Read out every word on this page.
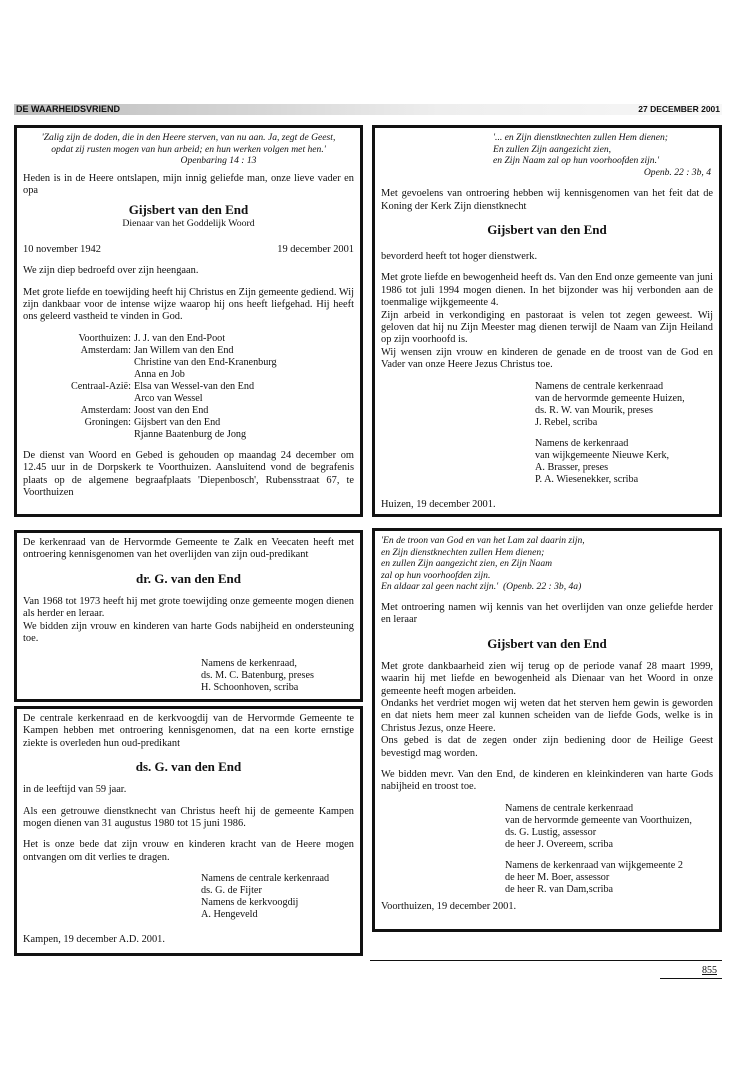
DE WAARHEIDSVRIEND	27 DECEMBER 2001

'Zalig zijn de doden, die in den Heere sterven, van nu aan. Ja, zegt de Geest,

opdat zij rusten mogen van hun arbeid; en hun werken volgen met hen.'

Openbaring 14 : 13

Heden is in de Heere ontslapen, mijn innig geliefde man, onze lieve vader en opa

Gijsbert van den End

Dienaar van het Goddelijk Woord

10 november 1942	19 december 2001

We zijn diep bedroefd over zijn heengaan.

Met grote liefde en toewijding heeft hij Christus en Zijn gemeente gediend. Wij zijn dankbaar voor de intense wijze waarop hij ons heeft liefgehad. Hij heeft ons geleerd vastheid te vinden in God.

Voorthuizen:	J. J. van den End-Poot
Amsterdam:	Jan Willem van den End
	Christine van den End-Kranenburg
	Anna en Job
Centraal-Azië:	Elsa van Wessel-van den End
	Arco van Wessel
Amsterdam:	Joost van den End
Groningen:	Gijsbert van den End
	Rjanne Baatenburg de Jong

De dienst van Woord en Gebed is gehouden op maandag 24 december om 12.45 uur in de Dorpskerk te Voorthuizen. Aansluitend vond de begrafenis plaats op de algemene begraafplaats 'Diepenbosch', Rubensstraat 67, te Voorthuizen

'... en Zijn dienstknechten zullen Hem dienen;

En zullen Zijn aangezicht zien,

en Zijn Naam zal op hun voorhoofden zijn.'

Openb. 22 : 3b, 4

Met gevoelens van ontroering hebben wij kennisgenomen van het feit dat de Koning der Kerk Zijn dienstknecht

Gijsbert van den End

bevorderd heeft tot hoger dienstwerk.

Met grote liefde en bewogenheid heeft ds. Van den End onze gemeente van juni 1986 tot juli 1994 mogen dienen. In het bijzonder was hij verbonden aan de toenmalige wijkgemeente 4.

Zijn arbeid in verkondiging en pastoraat is velen tot zegen geweest. Wij geloven dat hij nu Zijn Meester mag dienen terwijl de Naam van Zijn Heiland op zijn voorhoofd is.

Wij wensen zijn vrouw en kinderen de genade en de troost van de God en Vader van onze Heere Jezus Christus toe.

Namens de centrale kerkenraad

van de hervormde gemeente Huizen,

ds. R. W. van Mourik, preses

J. Rebel, scriba

Namens de kerkenraad

van wijkgemeente Nieuwe Kerk,

A. Brasser, preses

P. A. Wiesenekker, scriba

Huizen, 19 december 2001.

De kerkenraad van de Hervormde Gemeente te Zalk en Veecaten heeft met ontroering kennisgenomen van het overlijden van zijn oud-predikant

dr. G. van den End

Van 1968 tot 1973 heeft hij met grote toewijding onze gemeente mogen dienen als herder en leraar.

We bidden zijn vrouw en kinderen van harte Gods nabijheid en ondersteuning toe.

Namens de kerkenraad,

ds. M. C. Batenburg, preses

H. Schoonhoven, scriba

De centrale kerkenraad en de kerkvoogdij van de Hervormde Gemeente te Kampen hebben met ontroering kennisgenomen, dat na een korte ernstige ziekte is overleden hun oud-predikant

ds. G. van den End

in de leeftijd van 59 jaar.

Als een getrouwe dienstknecht van Christus heeft hij de gemeente Kampen mogen dienen van 31 augustus 1980 tot 15 juni 1986.

Het is onze bede dat zijn vrouw en kinderen kracht van de Heere mogen ontvangen om dit verlies te dragen.

Namens de centrale kerkenraad

ds. G. de Fijter

Namens de kerkvoogdij

A. Hengeveld

Kampen, 19 december A.D. 2001.

'En de troon van God en van het Lam zal daarin zijn,

en Zijn dienstknechten zullen Hem dienen;

en zullen Zijn aangezicht zien, en Zijn Naam

zal op hun voorhoofden zijn.

En aldaar zal geen nacht zijn.' (Openb. 22 : 3b, 4a)

Met ontroering namen wij kennis van het overlijden van onze geliefde herder en leraar

Gijsbert van den End

Met grote dankbaarheid zien wij terug op de periode vanaf 28 maart 1999, waarin hij met liefde en bewogenheid als Dienaar van het Woord in onze gemeente heeft mogen arbeiden.

Ondanks het verdriet mogen wij weten dat het sterven hem gewin is geworden en dat niets hem meer zal kunnen scheiden van de liefde Gods, welke is in Christus Jezus, onze Heere.

Ons gebed is dat de zegen onder zijn bediening door de Heilige Geest bevestigd mag worden.

We bidden mevr. Van den End, de kinderen en kleinkinderen van harte Gods nabijheid en troost toe.

Namens de centrale kerkenraad

van de hervormde gemeente van Voorthuizen,

ds. G. Lustig, assessor

de heer J. Overeem, scriba

Namens de kerkenraad van wijkgemeente 2

de heer M. Boer, assessor

de heer R. van Dam,scriba

Voorthuizen, 19 december 2001.

855
